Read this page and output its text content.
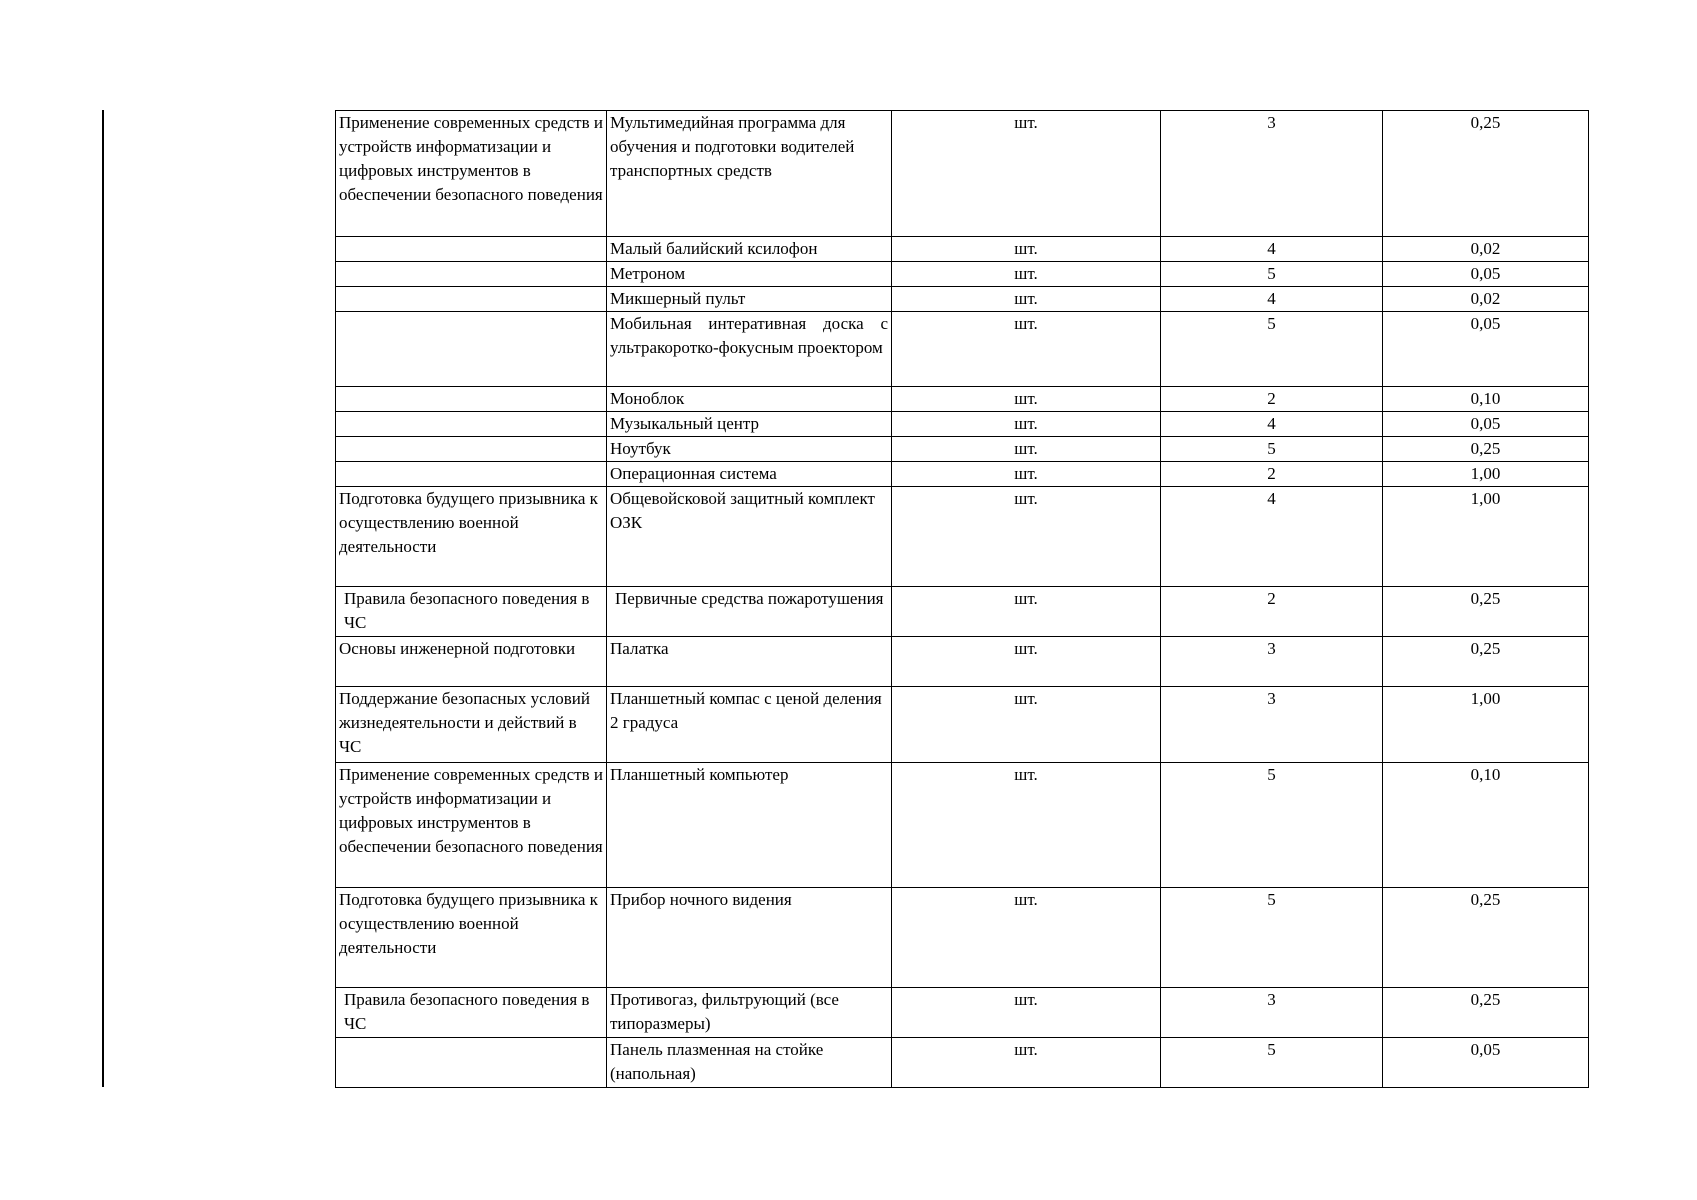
Применение современных средств и устройств информатизации и цифровых инструментов в обеспечении безопасного поведения	Мультимедийная программа для обучения и подготовки водителей транспортных средств	шт.	3	0,25
	Малый балийский ксилофон	шт.	4	0,02
	Метроном	шт.	5	0,05
	Микшерный пульт	шт.	4	0,02
	Мобильная интеративная доска с ультракоротко-фокусным проектором	шт.	5	0,05
	Моноблок	шт.	2	0,10
	Музыкальный центр	шт.	4	0,05
	Ноутбук	шт.	5	0,25
	Операционная система	шт.	2	1,00
Подготовка будущего призывника к осуществлению военной деятельности	Общевойсковой защитный комплект ОЗК	шт.	4	1,00
Правила безопасного поведения в ЧС	Первичные средства пожаротушения	шт.	2	0,25
Основы инженерной подготовки	Палатка	шт.	3	0,25
Поддержание безопасных условий жизнедеятельности и действий в ЧС	Планшетный компас с ценой деления 2 градуса	шт.	3	1,00
Применение современных средств и устройств информатизации и цифровых инструментов в обеспечении безопасного поведения	Планшетный компьютер	шт.	5	0,10
Подготовка будущего призывника к осуществлению военной деятельности	Прибор ночного видения	шт.	5	0,25
Правила безопасного поведения в ЧС	Противогаз, фильтрующий (все типоразмеры)	шт.	3	0,25
	Панель плазменная на стойке (напольная)	шт.	5	0,05
